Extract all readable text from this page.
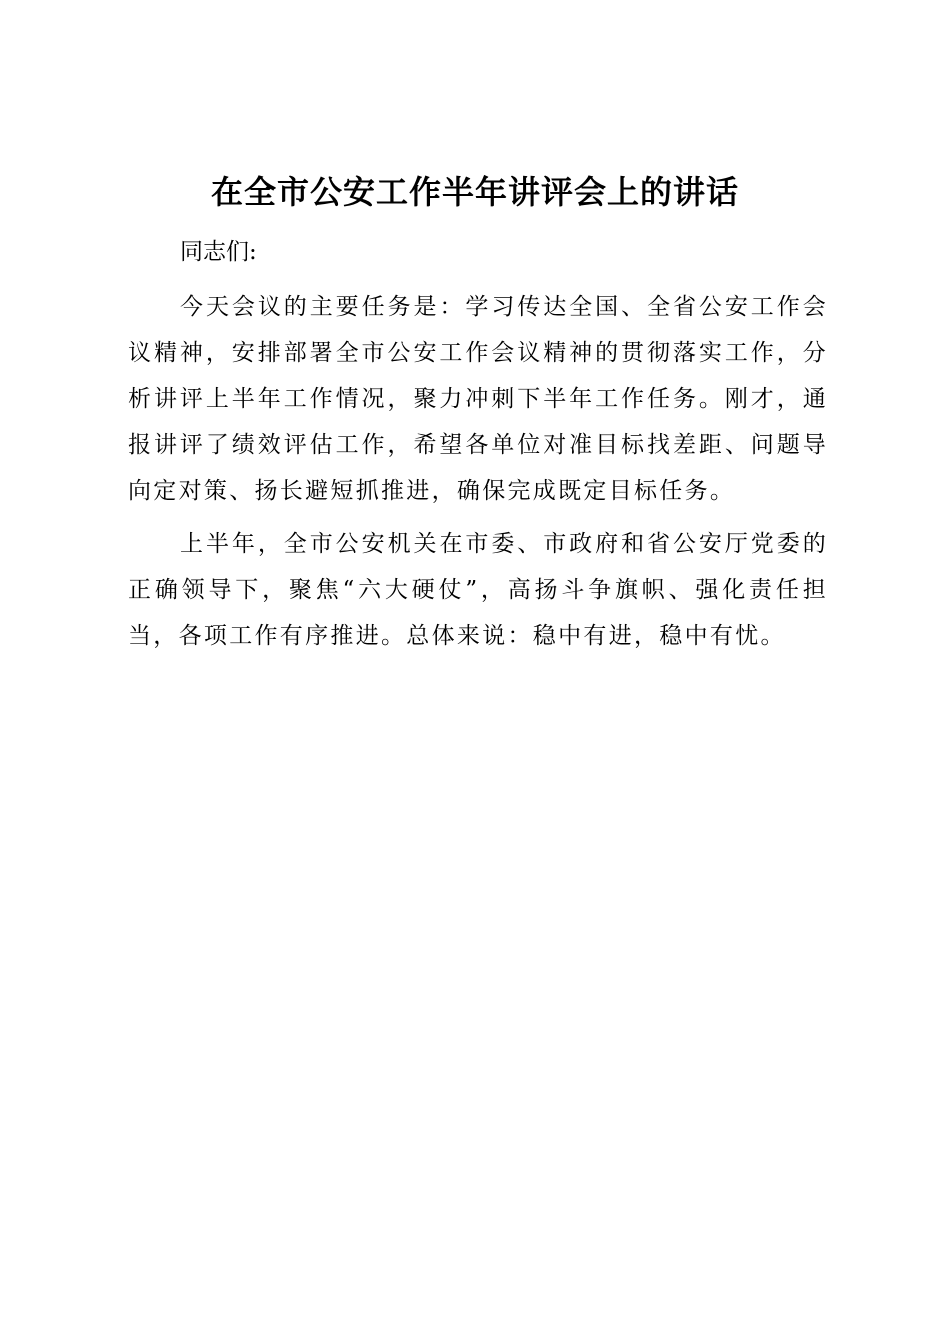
在全市公安工作半年讲评会上的讲话
同志们:

今天会议的主要任务是：学习传达全国、全省公安工作会议精神，安排部署全市公安工作会议精神的贯彻落实工作，分析讲评上半年工作情况，聚力冲刺下半年工作任务。刚才，通报讲评了绩效评估工作，希望各单位对准目标找差距、问题导向定对策、扬长避短抓推进，确保完成既定目标任务。

上半年，全市公安机关在市委、市政府和省公安厅党委的正确领导下，聚焦“六大硬仗”，高扬斗争旗帜、强化责任担当，各项工作有序推进。总体来说：稳中有进，稳中有忧。
